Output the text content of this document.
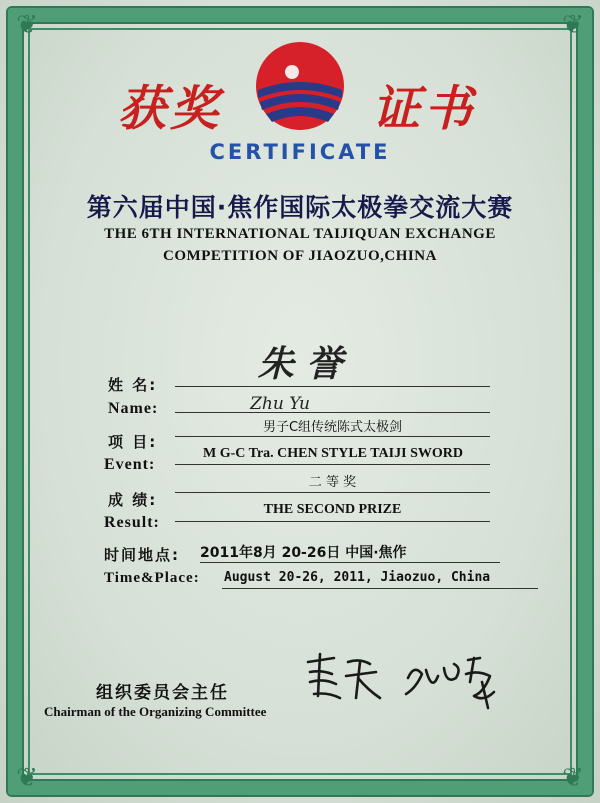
❦	❦
❦	❦
获奖	证书
CERTIFICATE
第六届中国·焦作国际太极拳交流大赛
THE 6TH INTERNATIONAL TAIJIQUAN EXCHANGE
COMPETITION OF JIAOZUO,CHINA
姓 名:	朱 誉
Name:	Zhu Yu
项 目:
男子C组传统陈式太极剑
Event:
M G-C Tra. CHEN STYLE TAIJI SWORD
成 绩:
二 等 奖
Result:
THE SECOND PRIZE
时间地点: 2011年8月 20-26日 中国·焦作
Time&Place: August 20-26, 2011, Jiaozuo, China
组织委员会主任
Chairman of the Organizing Committee
